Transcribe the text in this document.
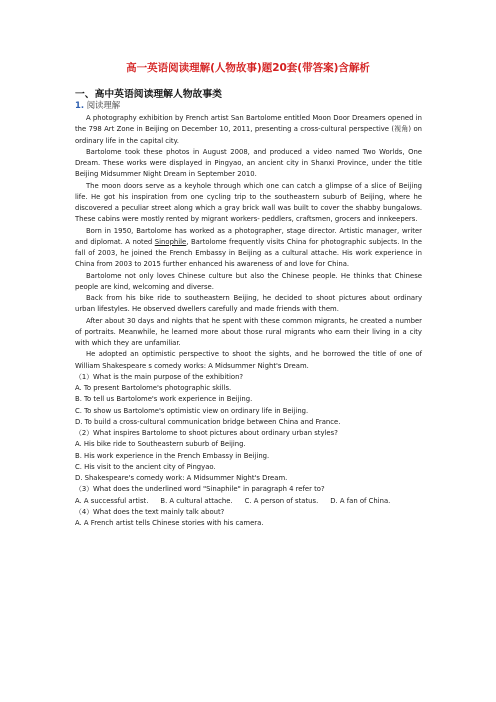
高一英语阅读理解(人物故事)题20套(带答案)含解析
一、高中英语阅读理解人物故事类
1. 阅读理解

A photography exhibition by French artist San Bartolome entitled Moon Door Dreamers opened in the 798 Art Zone in Beijing on December 10, 2011, presenting a cross-cultural perspective (视角) on ordinary life in the capital city.

Bartolome took these photos in August 2008, and produced a video named Two Worlds, One Dream. These works were displayed in Pingyao, an ancient city in Shanxi Province, under the title Beijing Midsummer Night Dream in September 2010.

The moon doors serve as a keyhole through which one can catch a glimpse of a slice of Beijing life. He got his inspiration from one cycling trip to the southeastern suburb of Beijing, where he discovered a peculiar street along which a gray brick wall was built to cover the shabby bungalows. These cabins were mostly rented by migrant workers- peddlers, craftsmen, grocers and innkeepers.

Born in 1950, Bartolome has worked as a photographer, stage director. Artistic manager, writer and diplomat. A noted Sinophile, Bartolome frequently visits China for photographic subjects. In the fall of 2003, he joined the French Embassy in Beijing as a cultural attache. His work experience in China from 2003 to 2015 further enhanced his awareness of and love for China.

Bartolome not only loves Chinese culture but also the Chinese people. He thinks that Chinese people are kind, welcoming and diverse.

Back from his bike ride to southeastern Beijing, he decided to shoot pictures about ordinary urban lifestyles. He observed dwellers carefully and made friends with them.

After about 30 days and nights that he spent with these common migrants, he created a number of portraits. Meanwhile, he learned more about those rural migrants who earn their living in a city with which they are unfamiliar.

He adopted an optimistic perspective to shoot the sights, and he borrowed the title of one of William Shakespeare s comedy works: A Midsummer Night's Dream.

（1）What is the main purpose of the exhibition?

A. To present Bartolome's photographic skills.

B. To tell us Bartolome's work experience in Beijing.

C. To show us Bartolome's optimistic view on ordinary life in Beijing.

D. To build a cross-cultural communication bridge between China and France.

（2）What inspires Bartolome to shoot pictures about ordinary urban styles?

A. His bike ride to Southeastern suburb of Beijing.

B. His work experience in the French Embassy in Beijing.

C. His visit to the ancient city of Pingyao.

D. Shakespeare's comedy work: A Midsummer Night's Dream.

（3）What does the underlined word "Sinaphile" in paragraph 4 refer to?

A. A successful artist. B. A cultural attache. C. A person of status. D. A fan of China.

（4）What does the text mainly talk about?

A. A French artist tells Chinese stories with his camera.
